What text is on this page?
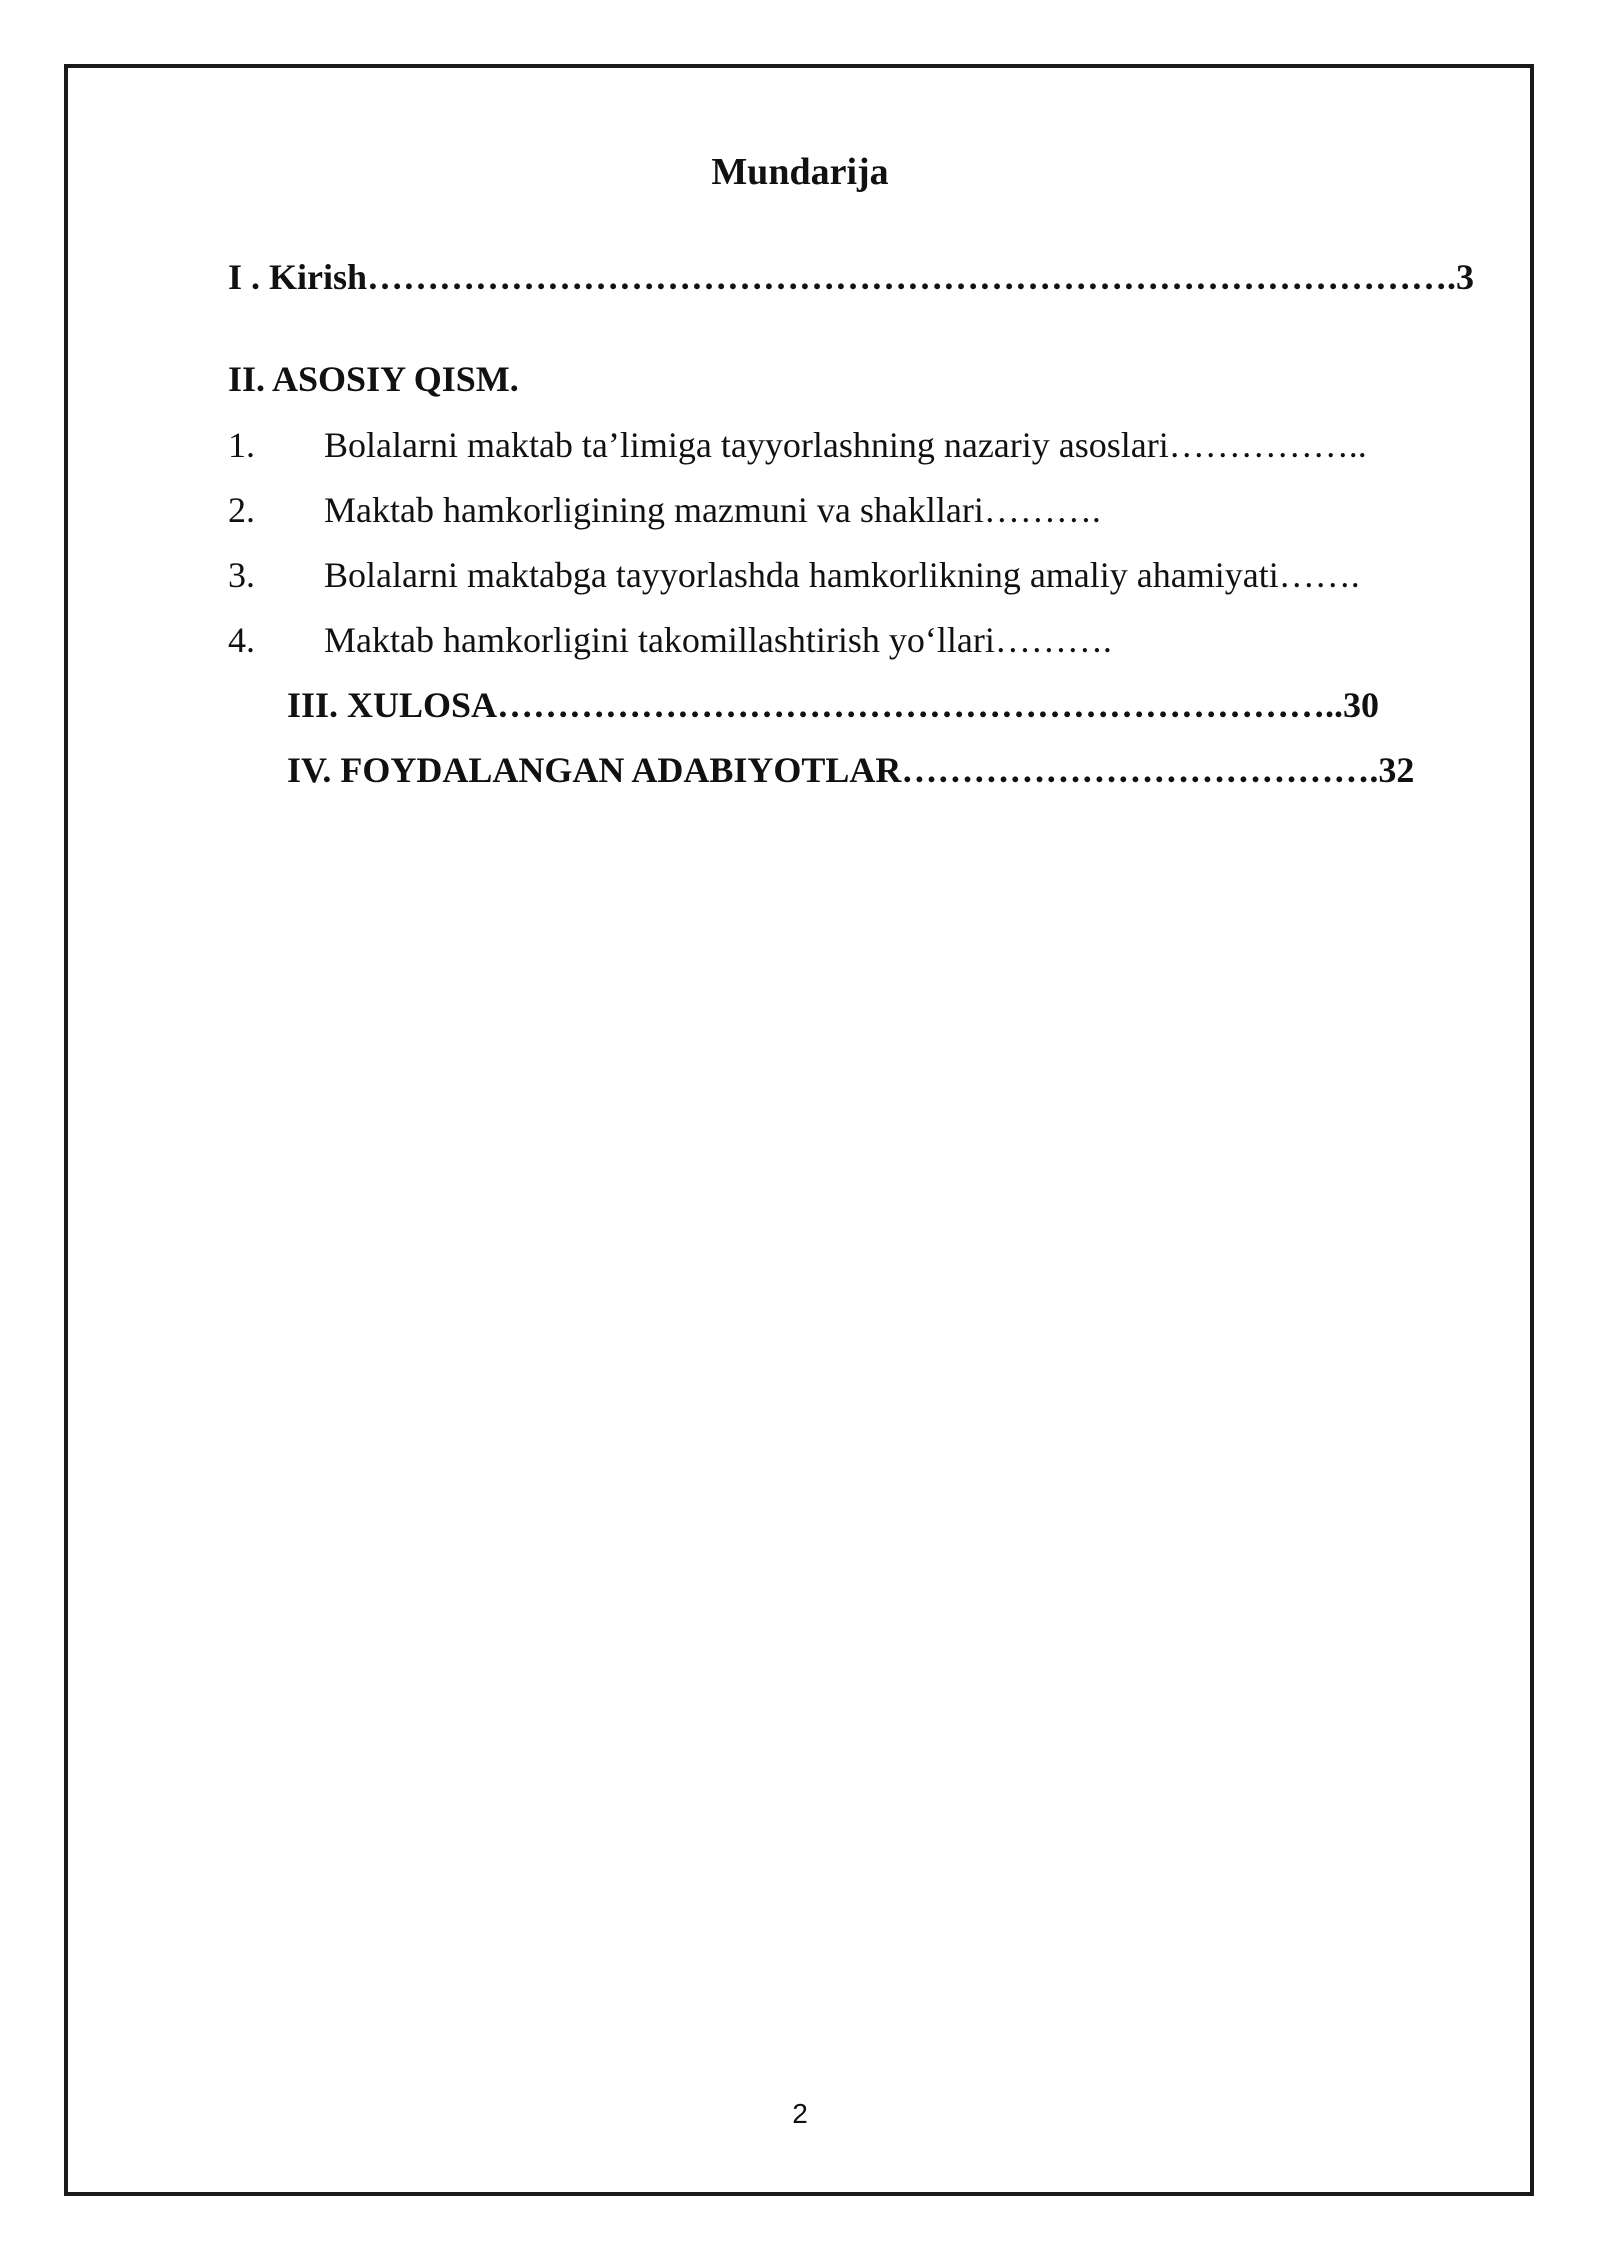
Mundarija
I . Kirish……………………………………………………………………………….3
II. ASOSIY QISM.
1. Bolalarni maktab ta’limiga tayyorlashning nazariy asoslari……………..
2. Maktab hamkorligining mazmuni va shakllari……….
3. Bolalarni maktabga tayyorlashda hamkorlikning amaliy ahamiyati…….
4. Maktab hamkorligini takomillashtirish yo‘llari……….
III. XULOSA……………………………………………………………..30
IV. FOYDALANGAN ADABIYOTLAR………………………………….32
2
